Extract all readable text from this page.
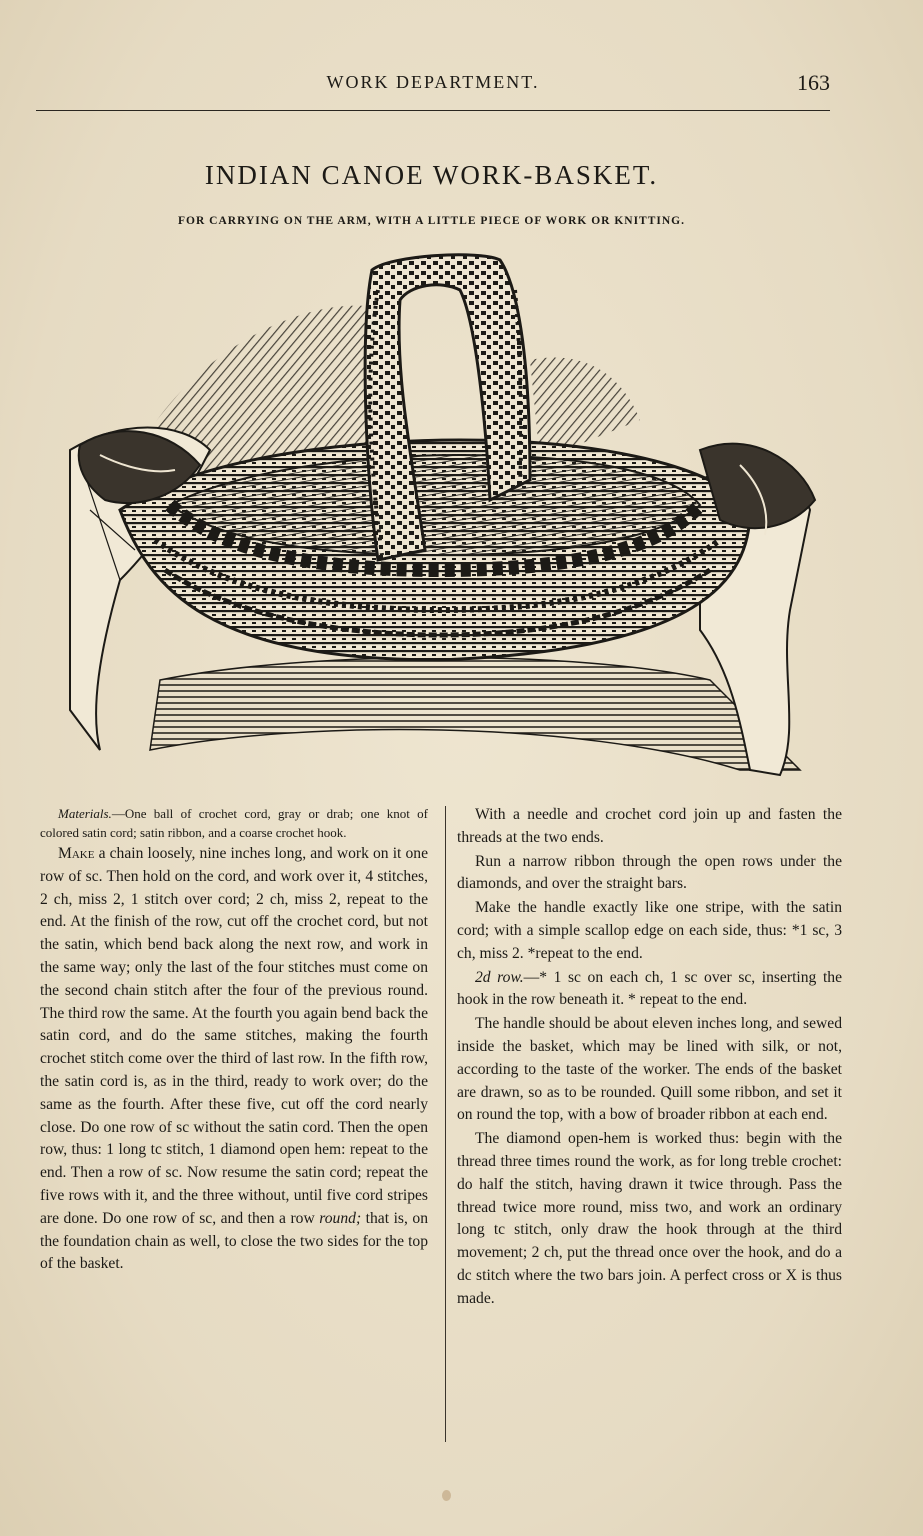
WORK DEPARTMENT.	163
INDIAN CANOE WORK-BASKET.
FOR CARRYING ON THE ARM, WITH A LITTLE PIECE OF WORK OR KNITTING.

Materials.—One ball of crochet cord, gray or drab; one knot of colored satin cord; satin ribbon, and a coarse crochet hook.

Make a chain loosely, nine inches long, and work on it one row of sc. Then hold on the cord, and work over it, 4 stitches, 2 ch, miss 2, 1 stitch over cord; 2 ch, miss 2, repeat to the end. At the finish of the row, cut off the crochet cord, but not the satin, which bend back along the next row, and work in the same way; only the last of the four stitches must come on the second chain stitch after the four of the previous round. The third row the same. At the fourth you again bend back the satin cord, and do the same stitches, making the fourth crochet stitch come over the third of last row. In the fifth row, the satin cord is, as in the third, ready to work over; do the same as the fourth. After these five, cut off the cord nearly close. Do one row of sc without the satin cord. Then the open row, thus: 1 long tc stitch, 1 diamond open hem: repeat to the end. Then a row of sc. Now resume the satin cord; repeat the five rows with it, and the three without, until five cord stripes are done. Do one row of sc, and then a row round; that is, on the foundation chain as well, to close the two sides for the top of the basket.

With a needle and crochet cord join up and fasten the threads at the two ends.

Run a narrow ribbon through the open rows under the diamonds, and over the straight bars.

Make the handle exactly like one stripe, with the satin cord; with a simple scallop edge on each side, thus: *1 sc, 3 ch, miss 2. *repeat to the end.

2d row.—* 1 sc on each ch, 1 sc over sc, inserting the hook in the row beneath it. * repeat to the end.

The handle should be about eleven inches long, and sewed inside the basket, which may be lined with silk, or not, according to the taste of the worker. The ends of the basket are drawn, so as to be rounded. Quill some ribbon, and set it on round the top, with a bow of broader ribbon at each end.

The diamond open-hem is worked thus: begin with the thread three times round the work, as for long treble crochet: do half the stitch, having drawn it twice through. Pass the thread twice more round, miss two, and work an ordinary long tc stitch, only draw the hook through at the third movement; 2 ch, put the thread once over the hook, and do a dc stitch where the two bars join. A perfect cross or X is thus made.
